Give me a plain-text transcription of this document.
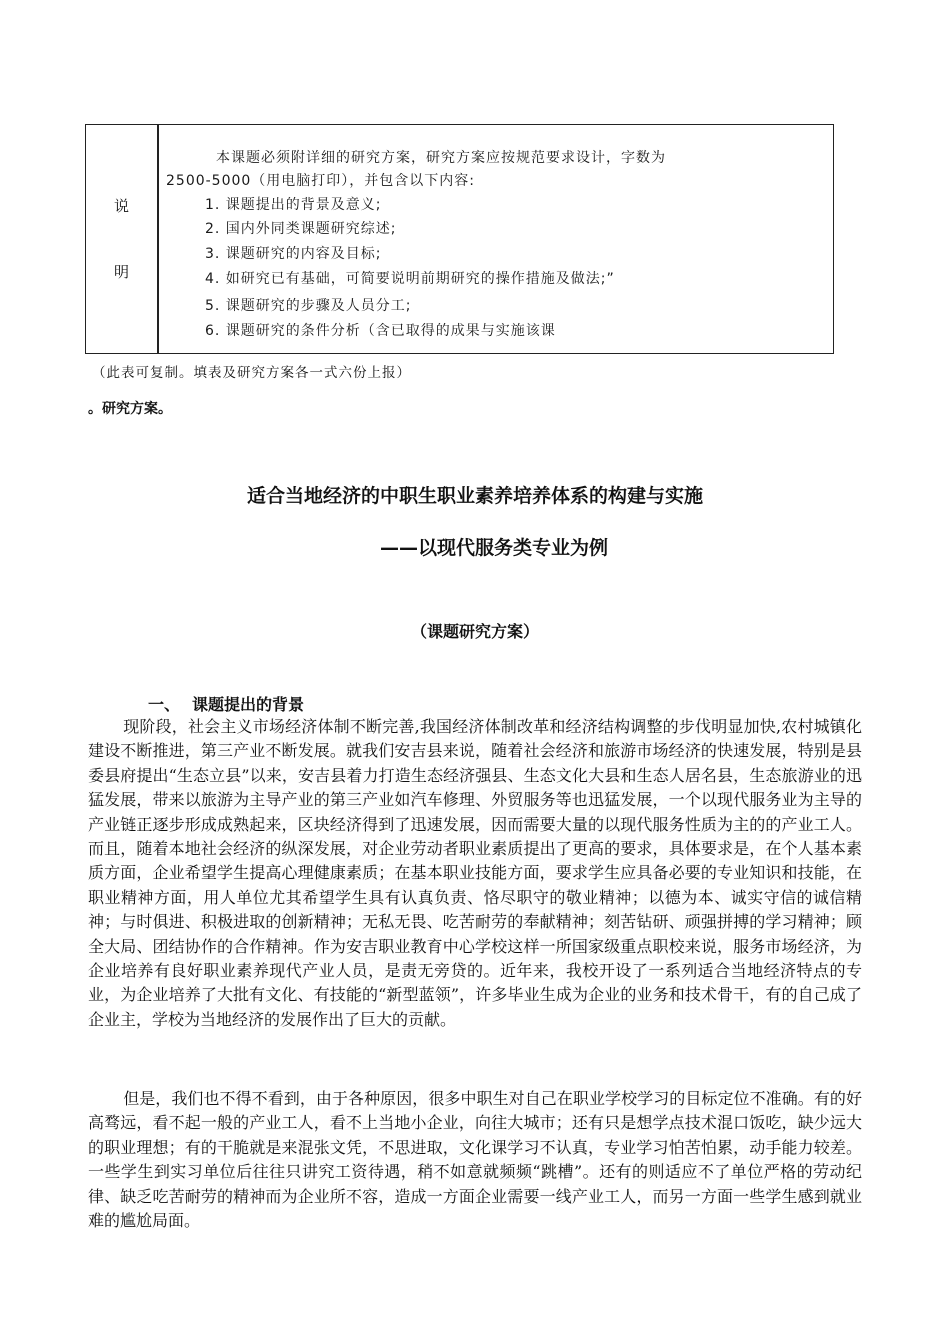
说
明
本课题必须附详细的研究方案，研究方案应按规范要求设计，字数为
2500-5000（用电脑打印），并包含以下内容:
1. 课题提出的背景及意义;
2. 国内外同类课题研究综述;
3. 课题研究的内容及目标;
4. 如研究已有基础，可简要说明前期研究的操作措施及做法;”
5. 课题研究的步骤及人员分工;
6. 课题研究的条件分析（含已取得的成果与实施该课
（此表可复制。填表及研究方案各一式六份上报）
。研究方案。
适合当地经济的中职生职业素养培养体系的构建与实施
——以现代服务类专业为例
（课题研究方案）
一、 课题提出的背景
现阶段，社会主义市场经济体制不断完善,我国经济体制改革和经济结构调整的步伐明显加快,农村城镇化建设不断推进，第三产业不断发展。就我们安吉县来说，随着社会经济和旅游市场经济的快速发展，特别是县委县府提出“生态立县”以来，安吉县着力打造生态经济强县、生态文化大县和生态人居名县，生态旅游业的迅猛发展，带来以旅游为主导产业的第三产业如汽车修理、外贸服务等也迅猛发展，一个以现代服务业为主导的产业链正逐步形成成熟起来，区块经济得到了迅速发展，因而需要大量的以现代服务性质为主的的产业工人。而且，随着本地社会经济的纵深发展，对企业劳动者职业素质提出了更高的要求，具体要求是，在个人基本素质方面，企业希望学生提高心理健康素质；在基本职业技能方面，要求学生应具备必要的专业知识和技能，在职业精神方面，用人单位尤其希望学生具有认真负责、恪尽职守的敬业精神；以德为本、诚实守信的诚信精神；与时俱进、积极进取的创新精神；无私无畏、吃苦耐劳的奉献精神；刻苦钻研、顽强拼搏的学习精神；顾全大局、团结协作的合作精神。作为安吉职业教育中心学校这样一所国家级重点职校来说，服务市场经济，为企业培养有良好职业素养现代产业人员，是责无旁贷的。近年来，我校开设了一系列适合当地经济特点的专业，为企业培养了大批有文化、有技能的“新型蓝领”，许多毕业生成为企业的业务和技术骨干，有的自己成了企业主，学校为当地经济的发展作出了巨大的贡献。
但是，我们也不得不看到，由于各种原因，很多中职生对自己在职业学校学习的目标定位不准确。有的好高骛远，看不起一般的产业工人，看不上当地小企业，向往大城市；还有只是想学点技术混口饭吃，缺少远大的职业理想；有的干脆就是来混张文凭，不思进取，文化课学习不认真，专业学习怕苦怕累，动手能力较差。一些学生到实习单位后往往只讲究工资待遇，稍不如意就频频“跳槽”。还有的则适应不了单位严格的劳动纪律、缺乏吃苦耐劳的精神而为企业所不容，造成一方面企业需要一线产业工人，而另一方面一些学生感到就业难的尴尬局面。
